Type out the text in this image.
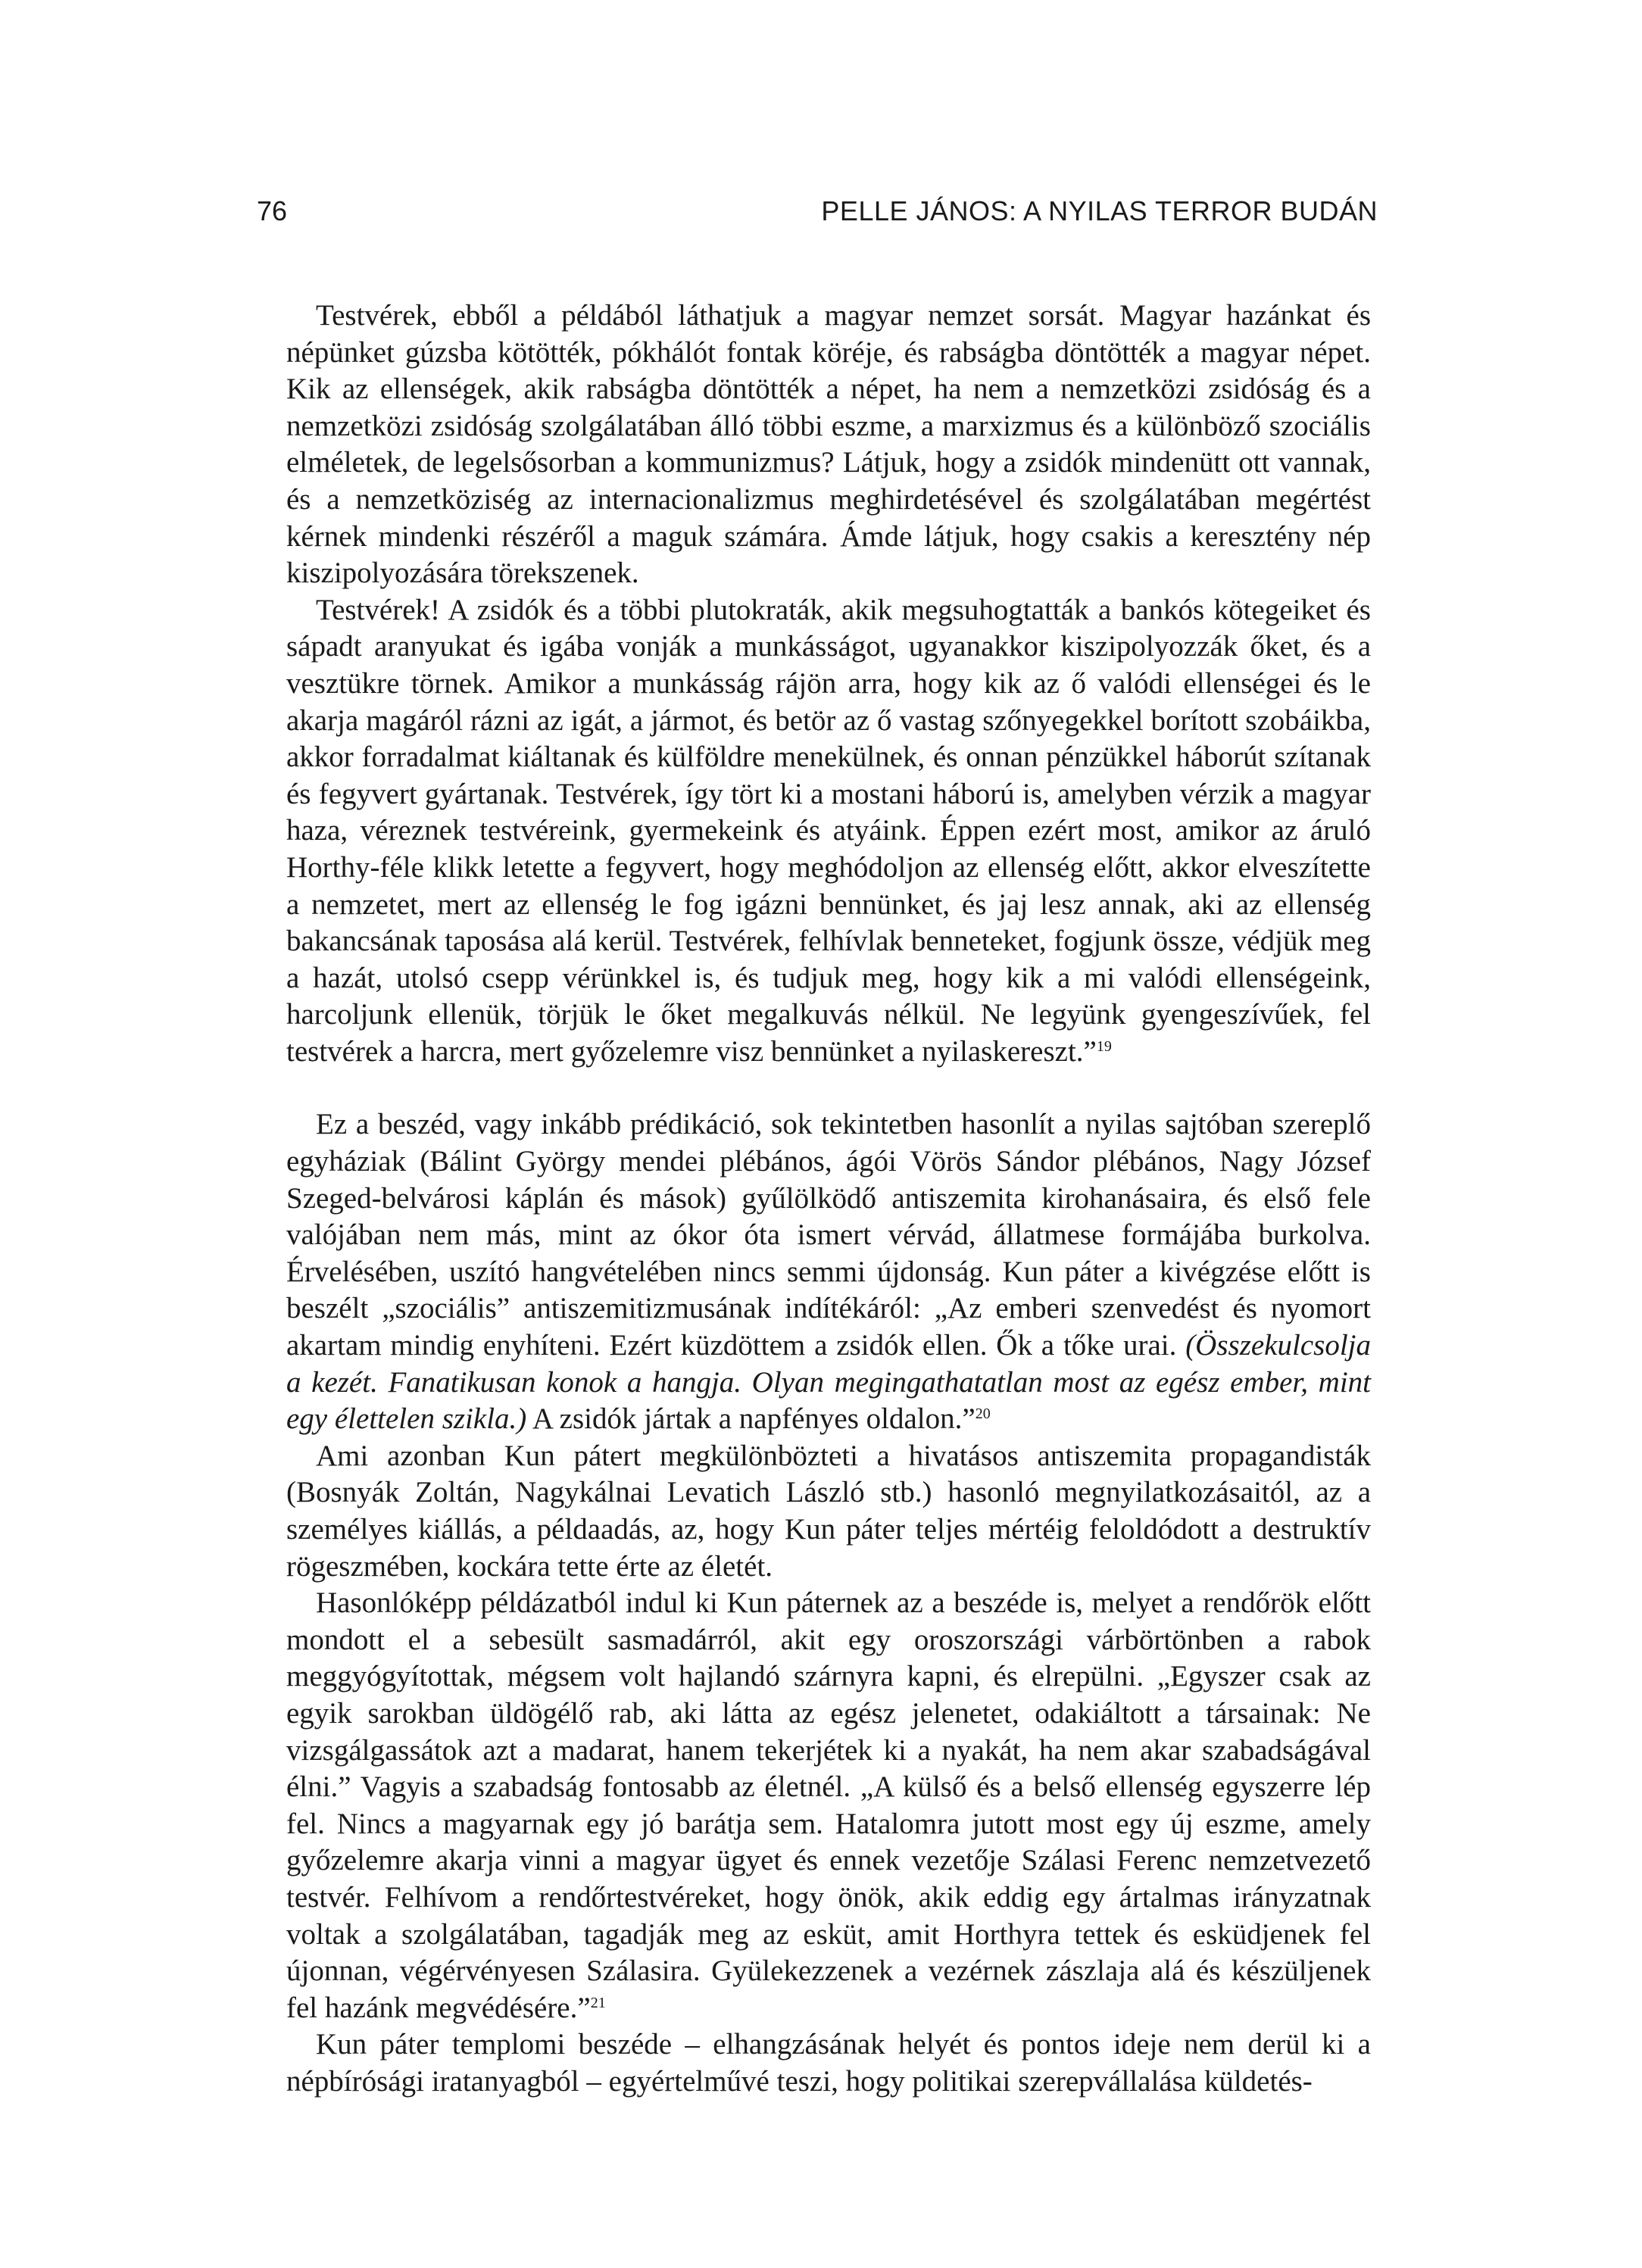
76	PELLE JÁNOS: A NYILAS TERROR BUDÁN

Testvérek, ebből a példából láthatjuk a magyar nemzet sorsát. Magyar hazánkat és népünket gúzsba kötötték, pókhálót fontak köréje, és rabságba döntötték a magyar népet. Kik az ellenségek, akik rabságba döntötték a népet, ha nem a nemzetközi zsidóság és a nemzetközi zsidóság szolgálatában álló többi eszme, a marxizmus és a különböző szociális elméletek, de legelsősorban a kommunizmus? Látjuk, hogy a zsidók mindenütt ott vannak, és a nemzetköziség az internacionalizmus meghirdetésével és szolgálatában megértést kérnek mindenki részéről a maguk számára. Ámde látjuk, hogy csakis a keresztény nép kiszipolyozására törekszenek.

Testvérek! A zsidók és a többi plutokraták, akik megsuhogtatták a bankós kötegeiket és sápadt aranyukat és igába vonják a munkásságot, ugyanakkor kiszipolyozzák őket, és a vesztükre törnek. Amikor a munkásság rájön arra, hogy kik az ő valódi ellenségei és le akarja magáról rázni az igát, a jármot, és betör az ő vastag szőnyegekkel borított szobáikba, akkor forradalmat kiáltanak és külföldre menekülnek, és onnan pénzükkel háborút szítanak és fegyvert gyártanak. Testvérek, így tört ki a mostani háború is, amelyben vérzik a magyar haza, véreznek testvéreink, gyermekeink és atyáink. Éppen ezért most, amikor az áruló Horthy-féle klikk letette a fegyvert, hogy meghódoljon az ellenség előtt, akkor elveszítette a nemzetet, mert az ellenség le fog igázni bennünket, és jaj lesz annak, aki az ellenség bakancsának taposása alá kerül. Testvérek, felhívlak benneteket, fogjunk össze, védjük meg a hazát, utolsó csepp vérünkkel is, és tudjuk meg, hogy kik a mi valódi ellenségeink, harcoljunk ellenük, törjük le őket megalkuvás nélkül. Ne legyünk gyengeszívűek, fel testvérek a harcra, mert győzelemre visz bennünket a nyilaskereszt.”$^{19}$

Ez a beszéd, vagy inkább prédikáció, sok tekintetben hasonlít a nyilas sajtóban szereplő egyháziak (Bálint György mendei plébános, ágói Vörös Sándor plébános, Nagy József Szeged-belvárosi káplán és mások) gyűlölködő antiszemita kirohanásaira, és első fele valójában nem más, mint az ókor óta ismert vérvád, állatmese formájába burkolva. Érvelésében, uszító hangvételében nincs semmi újdonság. Kun páter a kivégzése előtt is beszélt „szociális” antiszemitizmusának indítékáról: „Az emberi szenvedést és nyomort akartam mindig enyhíteni. Ezért küzdöttem a zsidók ellen. Ők a tőke urai. (Összekulcsolja a kezét. Fanatikusan konok a hangja. Olyan megingathatatlan most az egész ember, mint egy élettelen szikla.) A zsidók jártak a napfényes oldalon.”$^{20}$

Ami azonban Kun pátert megkülönbözteti a hivatásos antiszemita propagandisták (Bosnyák Zoltán, Nagykálnai Levatich László stb.) hasonló megnyilatkozásaitól, az a személyes kiállás, a példaadás, az, hogy Kun páter teljes mértéig feloldódott a destruktív rögeszmében, kockára tette érte az életét.

Hasonlóképp példázatból indul ki Kun páternek az a beszéde is, melyet a rendőrök előtt mondott el a sebesült sasmadárról, akit egy oroszországi várbörtönben a rabok meggyógyítottak, mégsem volt hajlandó szárnyra kapni, és elrepülni. „Egyszer csak az egyik sarokban üldögélő rab, aki látta az egész jelenetet, odakiáltott a társainak: Ne vizsgálgassátok azt a madarat, hanem tekerjétek ki a nyakát, ha nem akar szabadságával élni.” Vagyis a szabadság fontosabb az életnél. „A külső és a belső ellenség egyszerre lép fel. Nincs a magyarnak egy jó barátja sem. Hatalomra jutott most egy új eszme, amely győzelemre akarja vinni a magyar ügyet és ennek vezetője Szálasi Ferenc nemzetvezető testvér. Felhívom a rendőrtestvéreket, hogy önök, akik eddig egy ártalmas irányzatnak voltak a szolgálatában, tagadják meg az esküt, amit Horthyra tettek és esküdjenek fel újonnan, végérvényesen Szálasira. Gyülekezzenek a vezérnek zászlaja alá és készüljenek fel hazánk megvédésére.”$^{21}$

Kun páter templomi beszéde – elhangzásának helyét és pontos ideje nem derül ki a népbírósági iratanyagból – egyértelművé teszi, hogy politikai szerepvállalása küldetés-
